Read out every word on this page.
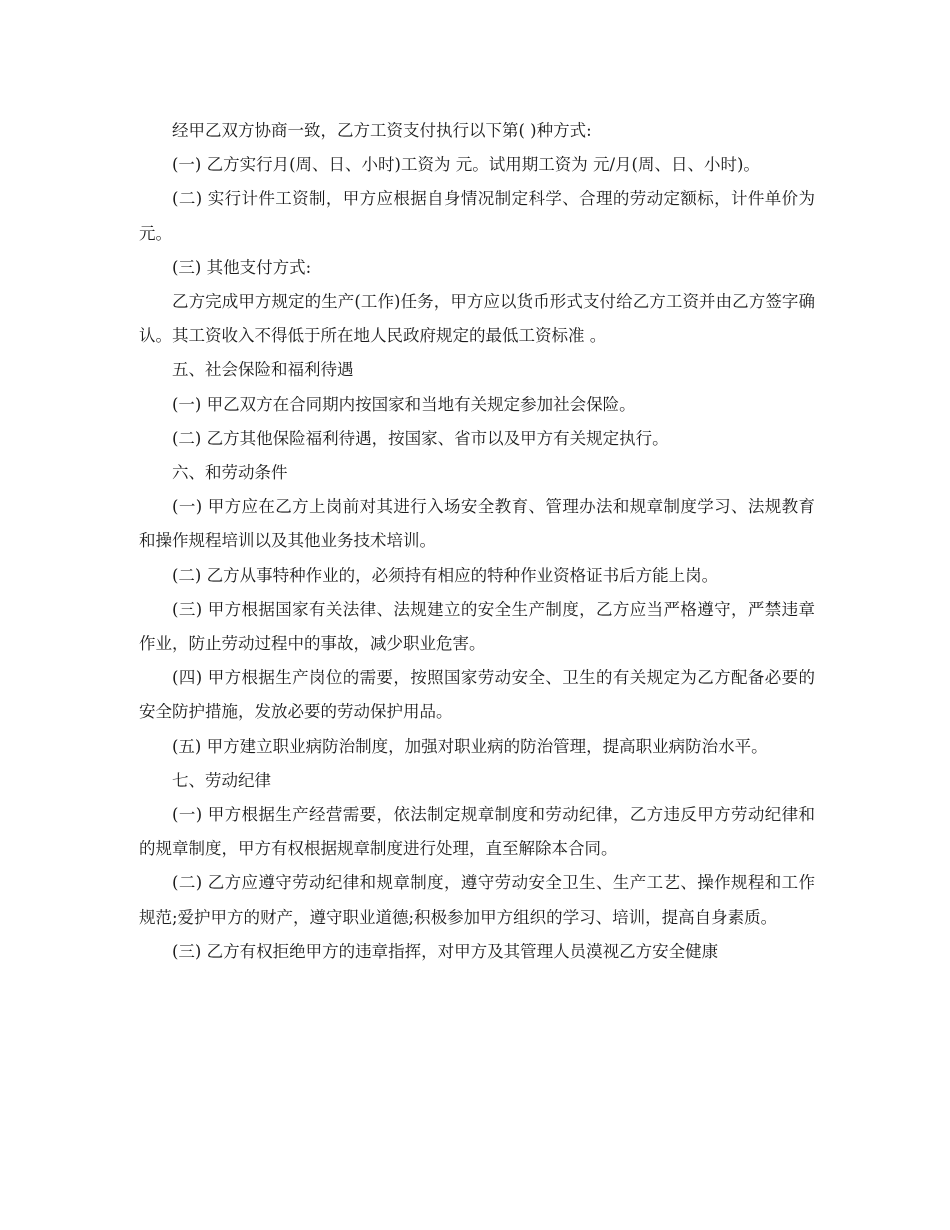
经甲乙双方协商一致，乙方工资支付执行以下第( )种方式:

(一) 乙方实行月(周、日、小时)工资为 元。试用期工资为 元/月(周、日、小时)。

(二) 实行计件工资制，甲方应根据自身情况制定科学、合理的劳动定额标，计件单价为 元。

(三) 其他支付方式:

乙方完成甲方规定的生产(工作)任务，甲方应以货币形式支付给乙方工资并由乙方签字确认。其工资收入不得低于所在地人民政府规定的最低工资标准 。

五、社会保险和福利待遇

(一) 甲乙双方在合同期内按国家和当地有关规定参加社会保险。

(二) 乙方其他保险福利待遇，按国家、省市以及甲方有关规定执行。

六、和劳动条件

(一) 甲方应在乙方上岗前对其进行入场安全教育、管理办法和规章制度学习、法规教育和操作规程培训以及其他业务技术培训。

(二) 乙方从事特种作业的，必须持有相应的特种作业资格证书后方能上岗。

(三) 甲方根据国家有关法律、法规建立的安全生产制度，乙方应当严格遵守，严禁违章作业，防止劳动过程中的事故，减少职业危害。

(四) 甲方根据生产岗位的需要，按照国家劳动安全、卫生的有关规定为乙方配备必要的安全防护措施，发放必要的劳动保护用品。

(五) 甲方建立职业病防治制度，加强对职业病的防治管理，提高职业病防治水平。

七、劳动纪律

(一) 甲方根据生产经营需要，依法制定规章制度和劳动纪律，乙方违反甲方劳动纪律和的规章制度，甲方有权根据规章制度进行处理，直至解除本合同。

(二) 乙方应遵守劳动纪律和规章制度，遵守劳动安全卫生、生产工艺、操作规程和工作规范;爱护甲方的财产，遵守职业道德;积极参加甲方组织的学习、培训，提高自身素质。

(三) 乙方有权拒绝甲方的违章指挥，对甲方及其管理人员漠视乙方安全健康
